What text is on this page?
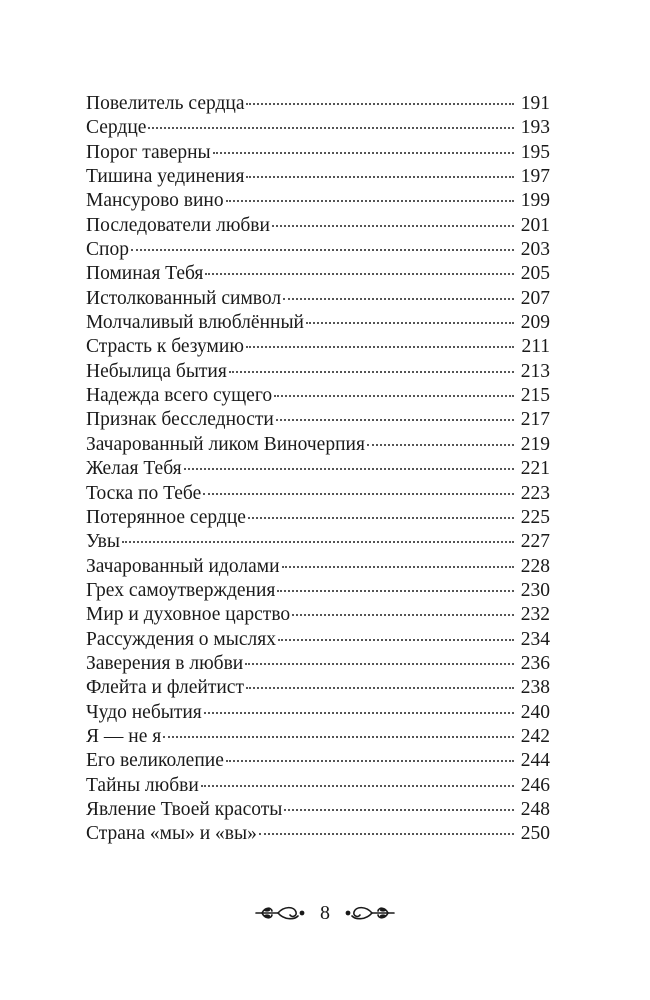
Повелитель сердца	191
Сердце	193
Порог таверны	195
Тишина уединения	197
Мансурово вино	199
Последователи любви	201
Спор	203
Поминая Тебя	205
Истолкованный символ	207
Молчаливый влюблённый	209
Страсть к безумию	211
Небылица бытия	213
Надежда всего сущего	215
Признак бесследности	217
Зачарованный ликом Виночерпия	219
Желая Тебя	221
Тоска по Тебе	223
Потерянное сердце	225
Увы	227
Зачарованный идолами	228
Грех самоутверждения	230
Мир и духовное царство	232
Рассуждения о мыслях	234
Заверения в любви	236
Флейта и флейтист	238
Чудо небытия	240
Я — не я	242
Его великолепие	244
Тайны любви	246
Явление Твоей красоты	248
Страна «мы» и «вы»	250
8
